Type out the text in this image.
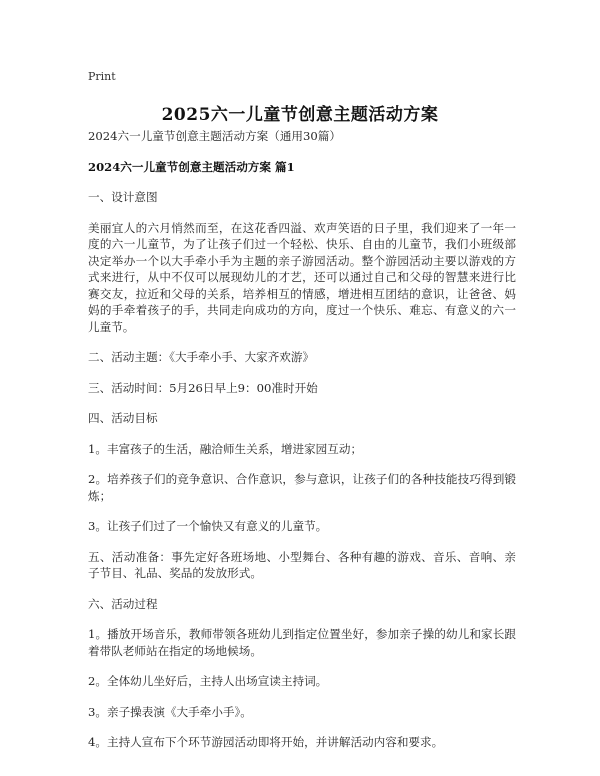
Print
2025六一儿童节创意主题活动方案

2024六一儿童节创意主题活动方案（通用30篇）

2024六一儿童节创意主题活动方案 篇1

一、设计意图

美丽宜人的六月悄然而至，在这花香四溢、欢声笑语的日子里，我们迎来了一年一度的六一儿童节，为了让孩子们过一个轻松、快乐、自由的儿童节，我们小班级部决定举办一个以大手牵小手为主题的亲子游园活动。整个游园活动主要以游戏的方式来进行，从中不仅可以展现幼儿的才艺，还可以通过自己和父母的智慧来进行比赛交友，拉近和父母的关系，培养相互的情感，增进相互团结的意识，让爸爸、妈妈的手牵着孩子的手，共同走向成功的方向，度过一个快乐、难忘、有意义的六一儿童节。

二、活动主题：《大手牵小手、大家齐欢游》

三、活动时间：5月26日早上9：00准时开始

四、活动目标

1。丰富孩子的生活，融洽师生关系，增进家园互动；

2。培养孩子们的竞争意识、合作意识，参与意识，让孩子们的各种技能技巧得到锻炼；

3。让孩子们过了一个愉快又有意义的儿童节。

五、活动准备：事先定好各班场地、小型舞台、各种有趣的游戏、音乐、音响、亲子节目、礼品、奖品的发放形式。

六、活动过程

1。播放开场音乐，教师带领各班幼儿到指定位置坐好，参加亲子操的幼儿和家长跟着带队老师站在指定的场地候场。

2。全体幼儿坐好后，主持人出场宣读主持词。

3。亲子操表演《大手牵小手》。

4。主持人宣布下个环节游园活动即将开始，并讲解活动内容和要求。
